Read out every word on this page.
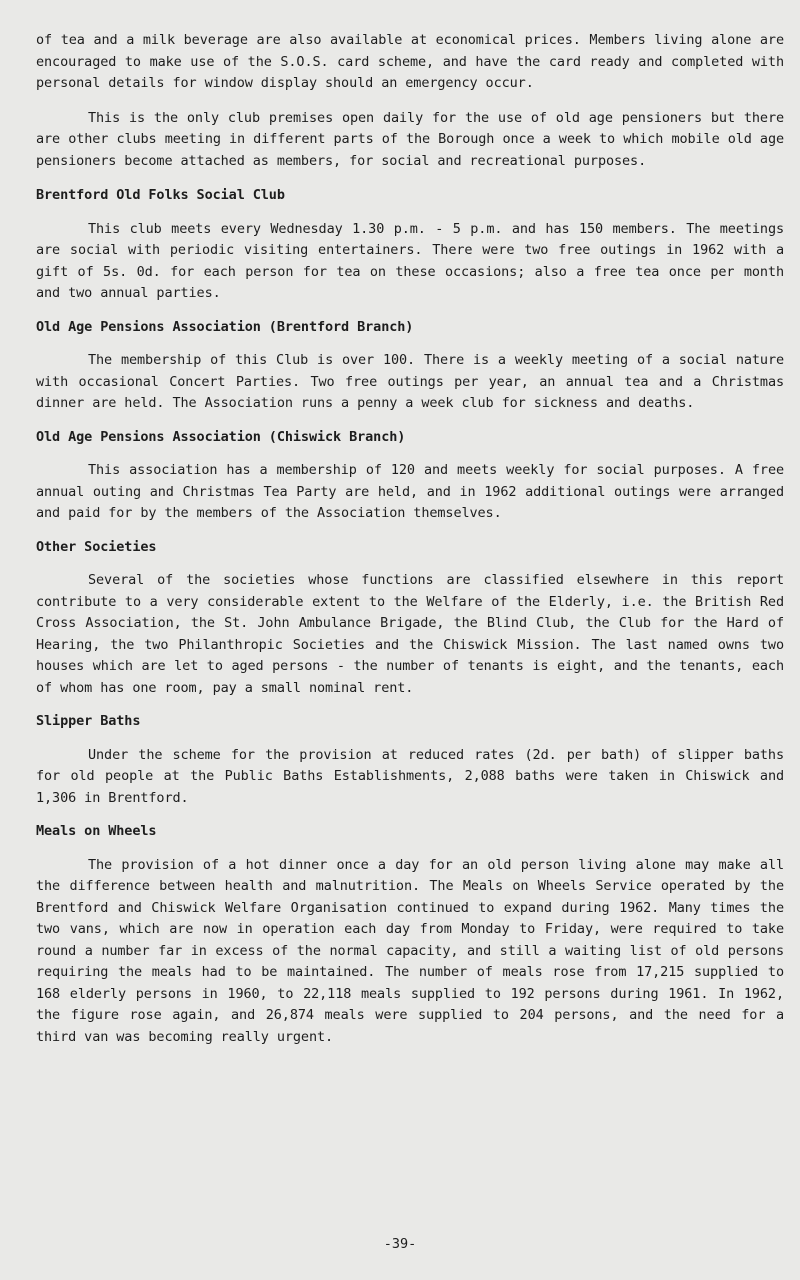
of tea and a milk beverage are also available at economical prices. Members living alone are encouraged to make use of the S.O.S. card scheme, and have the card ready and completed with personal details for window display should an emergency occur.

This is the only club premises open daily for the use of old age pensioners but there are other clubs meeting in different parts of the Borough once a week to which mobile old age pensioners become attached as members, for social and recreational purposes.

Brentford Old Folks Social Club

This club meets every Wednesday 1.30 p.m. - 5 p.m. and has 150 members. The meetings are social with periodic visiting entertainers. There were two free outings in 1962 with a gift of 5s. 0d. for each person for tea on these occasions; also a free tea once per month and two annual parties.

Old Age Pensions Association (Brentford Branch)

The membership of this Club is over 100. There is a weekly meeting of a social nature with occasional Concert Parties. Two free outings per year, an annual tea and a Christmas dinner are held. The Association runs a penny a week club for sickness and deaths.

Old Age Pensions Association (Chiswick Branch)

This association has a membership of 120 and meets weekly for social purposes. A free annual outing and Christmas Tea Party are held, and in 1962 additional outings were arranged and paid for by the members of the Association themselves.

Other Societies

Several of the societies whose functions are classified elsewhere in this report contribute to a very considerable extent to the Welfare of the Elderly, i.e. the British Red Cross Association, the St. John Ambulance Brigade, the Blind Club, the Club for the Hard of Hearing, the two Philanthropic Societies and the Chiswick Mission. The last named owns two houses which are let to aged persons - the number of tenants is eight, and the tenants, each of whom has one room, pay a small nominal rent.

Slipper Baths

Under the scheme for the provision at reduced rates (2d. per bath) of slipper baths for old people at the Public Baths Establishments, 2,088 baths were taken in Chiswick and 1,306 in Brentford.

Meals on Wheels

The provision of a hot dinner once a day for an old person living alone may make all the difference between health and malnutrition. The Meals on Wheels Service operated by the Brentford and Chiswick Welfare Organisation continued to expand during 1962. Many times the two vans, which are now in operation each day from Monday to Friday, were required to take round a number far in excess of the normal capacity, and still a waiting list of old persons requiring the meals had to be maintained. The number of meals rose from 17,215 supplied to 168 elderly persons in 1960, to 22,118 meals supplied to 192 persons during 1961. In 1962, the figure rose again, and 26,874 meals were supplied to 204 persons, and the need for a third van was becoming really urgent.

-39-
